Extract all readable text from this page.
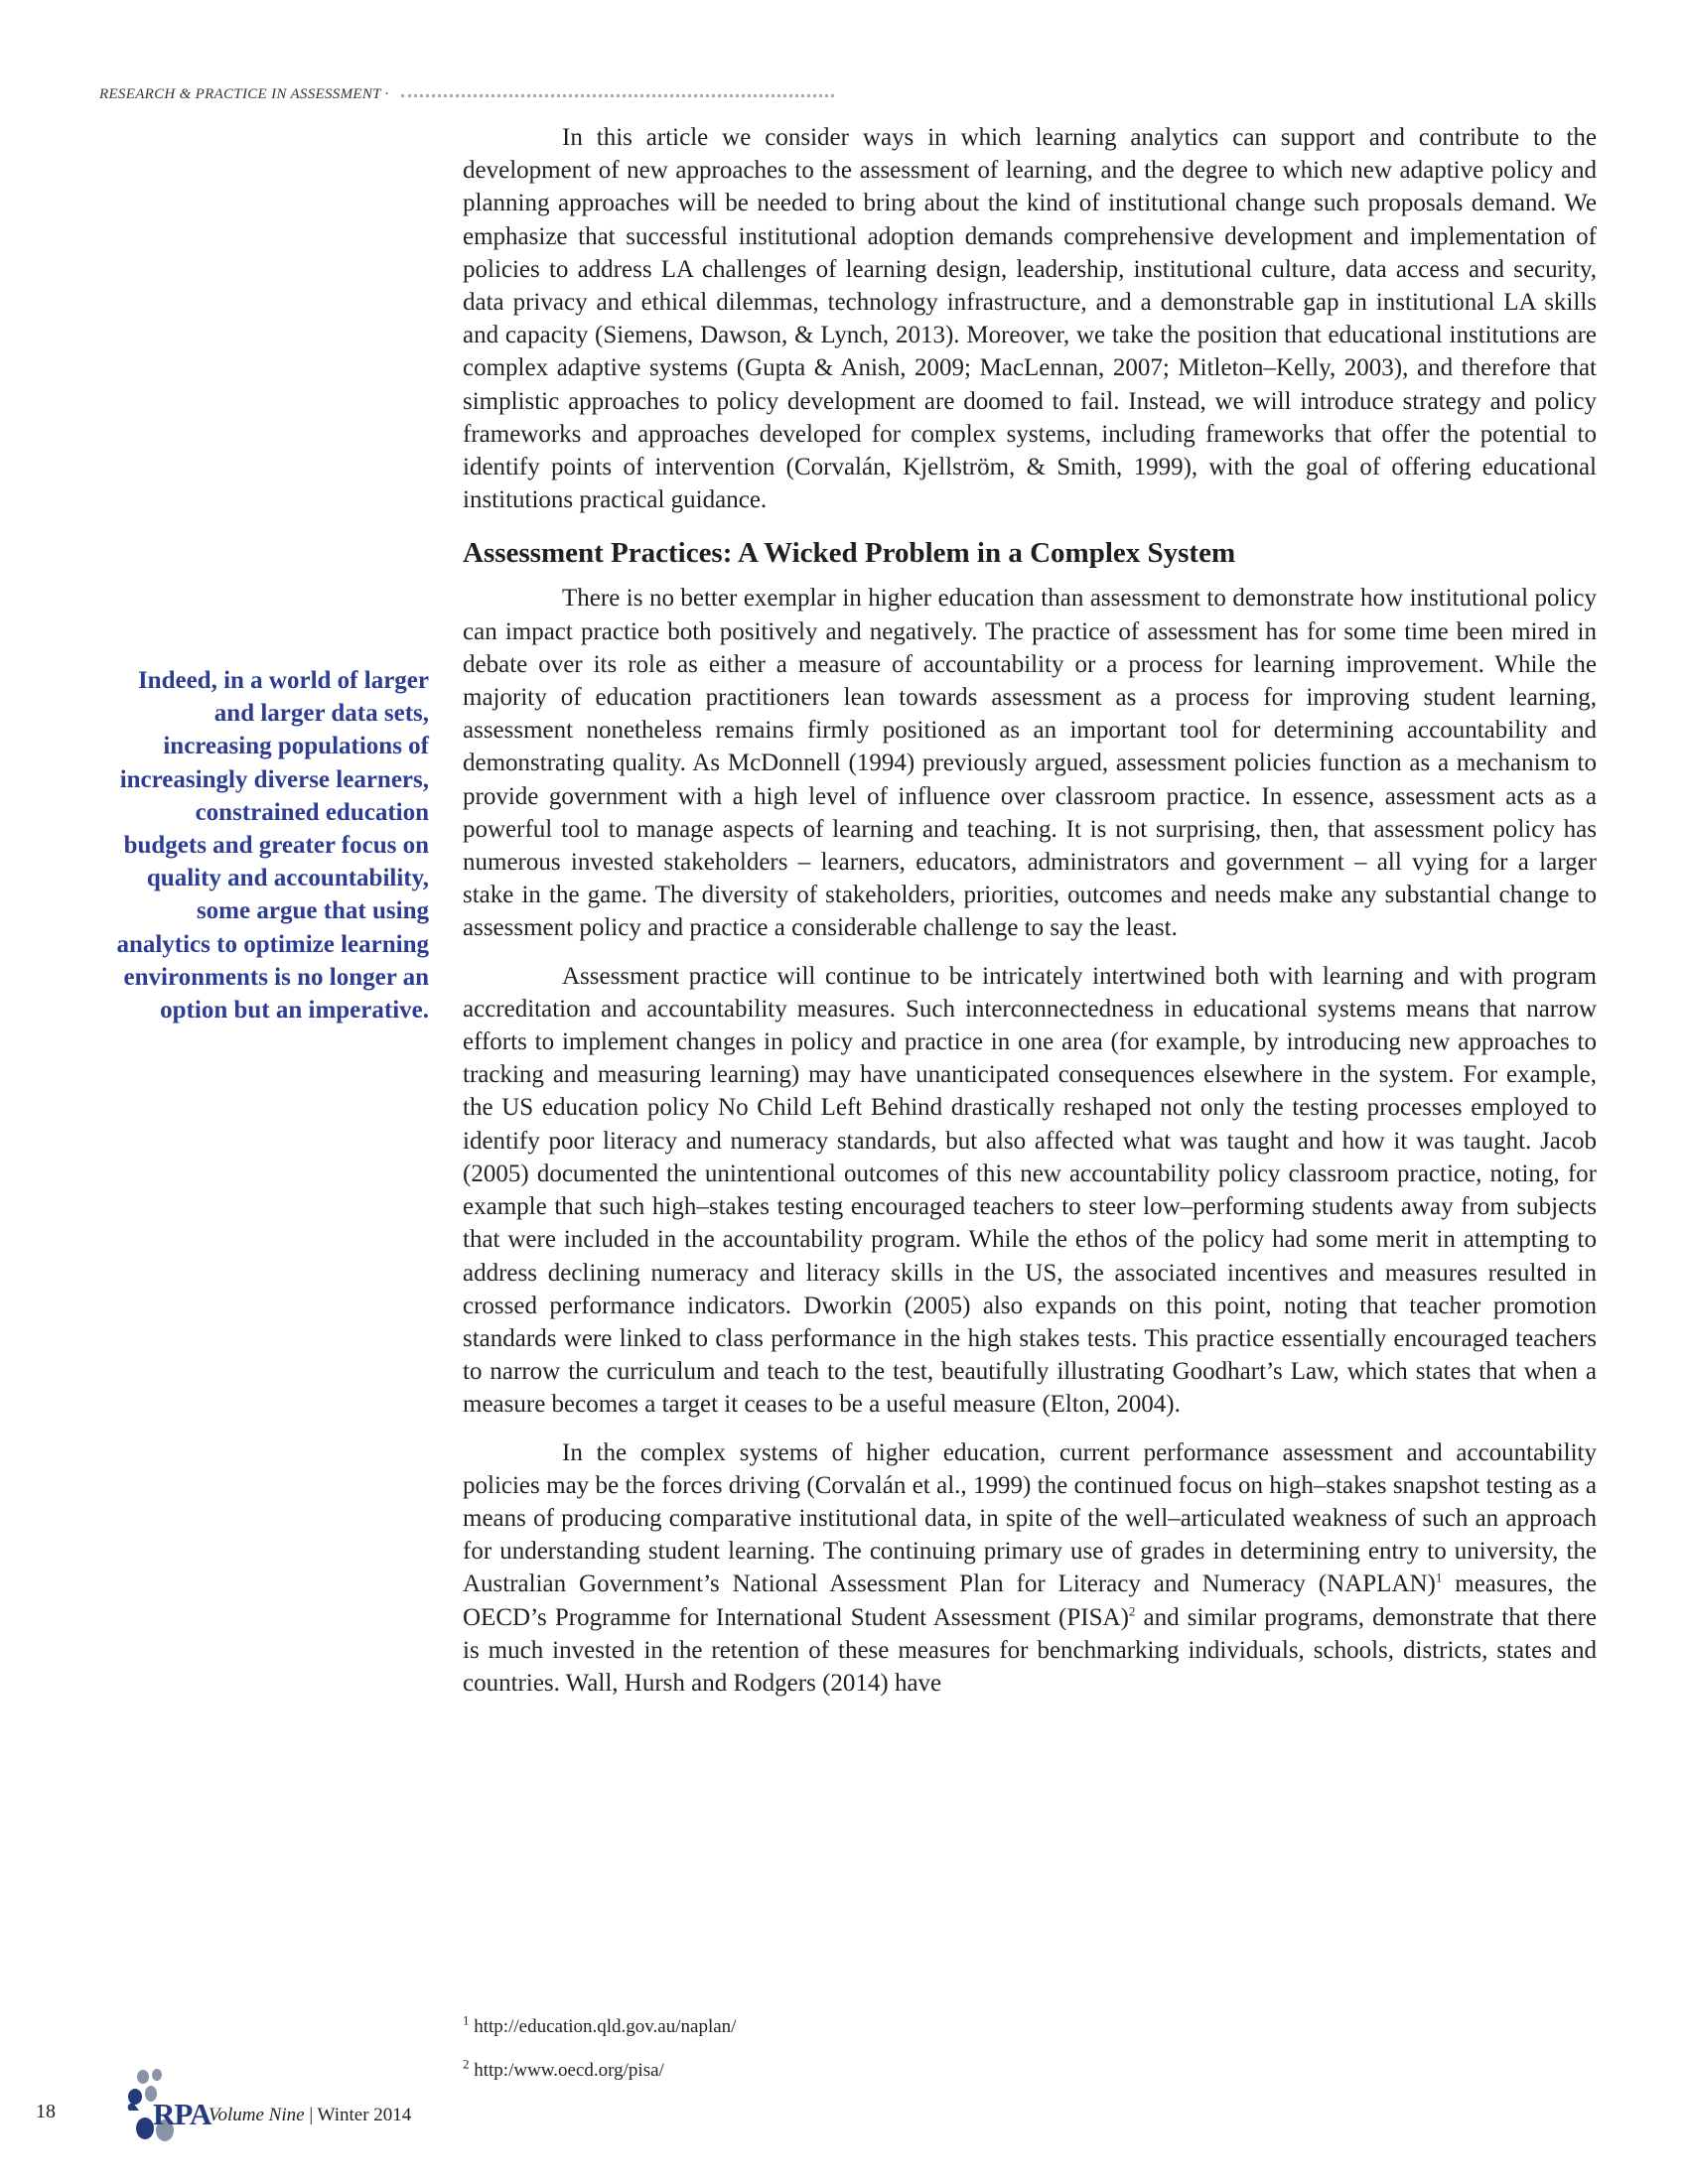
RESEARCH & PRACTICE IN ASSESSMENT ·

In this article we consider ways in which learning analytics can support and contribute to the development of new approaches to the assessment of learning, and the degree to which new adaptive policy and planning approaches will be needed to bring about the kind of institutional change such proposals demand. We emphasize that successful institutional adoption demands comprehensive development and implementation of policies to address LA challenges of learning design, leadership, institutional culture, data access and security, data privacy and ethical dilemmas, technology infrastructure, and a demonstrable gap in institutional LA skills and capacity (Siemens, Dawson, & Lynch, 2013). Moreover, we take the position that educational institutions are complex adaptive systems (Gupta & Anish, 2009; MacLennan, 2007; Mitleton–Kelly, 2003), and therefore that simplistic approaches to policy development are doomed to fail. Instead, we will introduce strategy and policy frameworks and approaches developed for complex systems, including frameworks that offer the potential to identify points of intervention (Corvalán, Kjellström, & Smith, 1999), with the goal of offering educational institutions practical guidance.

Assessment Practices: A Wicked Problem in a Complex System

There is no better exemplar in higher education than assessment to demonstrate how institutional policy can impact practice both positively and negatively. The practice of assessment has for some time been mired in debate over its role as either a measure of accountability or a process for learning improvement. While the majority of education practitioners lean towards assessment as a process for improving student learning, assessment nonetheless remains firmly positioned as an important tool for determining accountability and demonstrating quality. As McDonnell (1994) previously argued, assessment policies function as a mechanism to provide government with a high level of influence over classroom practice. In essence, assessment acts as a powerful tool to manage aspects of learning and teaching. It is not surprising, then, that assessment policy has numerous invested stakeholders – learners, educators, administrators and government – all vying for a larger stake in the game. The diversity of stakeholders, priorities, outcomes and needs make any substantial change to assessment policy and practice a considerable challenge to say the least.

Assessment practice will continue to be intricately intertwined both with learning and with program accreditation and accountability measures. Such interconnectedness in educational systems means that narrow efforts to implement changes in policy and practice in one area (for example, by introducing new approaches to tracking and measuring learning) may have unanticipated consequences elsewhere in the system. For example, the US education policy No Child Left Behind drastically reshaped not only the testing processes employed to identify poor literacy and numeracy standards, but also affected what was taught and how it was taught. Jacob (2005) documented the unintentional outcomes of this new accountability policy classroom practice, noting, for example that such high–stakes testing encouraged teachers to steer low–performing students away from subjects that were included in the accountability program. While the ethos of the policy had some merit in attempting to address declining numeracy and literacy skills in the US, the associated incentives and measures resulted in crossed performance indicators. Dworkin (2005) also expands on this point, noting that teacher promotion standards were linked to class performance in the high stakes tests. This practice essentially encouraged teachers to narrow the curriculum and teach to the test, beautifully illustrating Goodhart’s Law, which states that when a measure becomes a target it ceases to be a useful measure (Elton, 2004).

In the complex systems of higher education, current performance assessment and accountability policies may be the forces driving (Corvalán et al., 1999) the continued focus on high–stakes snapshot testing as a means of producing comparative institutional data, in spite of the well–articulated weakness of such an approach for understanding student learning. The continuing primary use of grades in determining entry to university, the Australian Government’s National Assessment Plan for Literacy and Numeracy (NAPLAN)$^1$ measures, the OECD’s Programme for International Student Assessment (PISA)$^2$ and similar programs, demonstrate that there is much invested in the retention of these measures for benchmarking individuals, schools, districts, states and countries. Wall, Hursh and Rodgers (2014) have

Indeed, in a world of larger and larger data sets, increasing populations of increasingly diverse learners, constrained education budgets and greater focus on quality and accountability, some argue that using analytics to optimize learning environments is no longer an option but an imperative.
$^1$ http://education.qld.gov.au/naplan/
$^2$ http:/www.oecd.org/pisa/
18	RPA
Volume Nine | Winter 2014
